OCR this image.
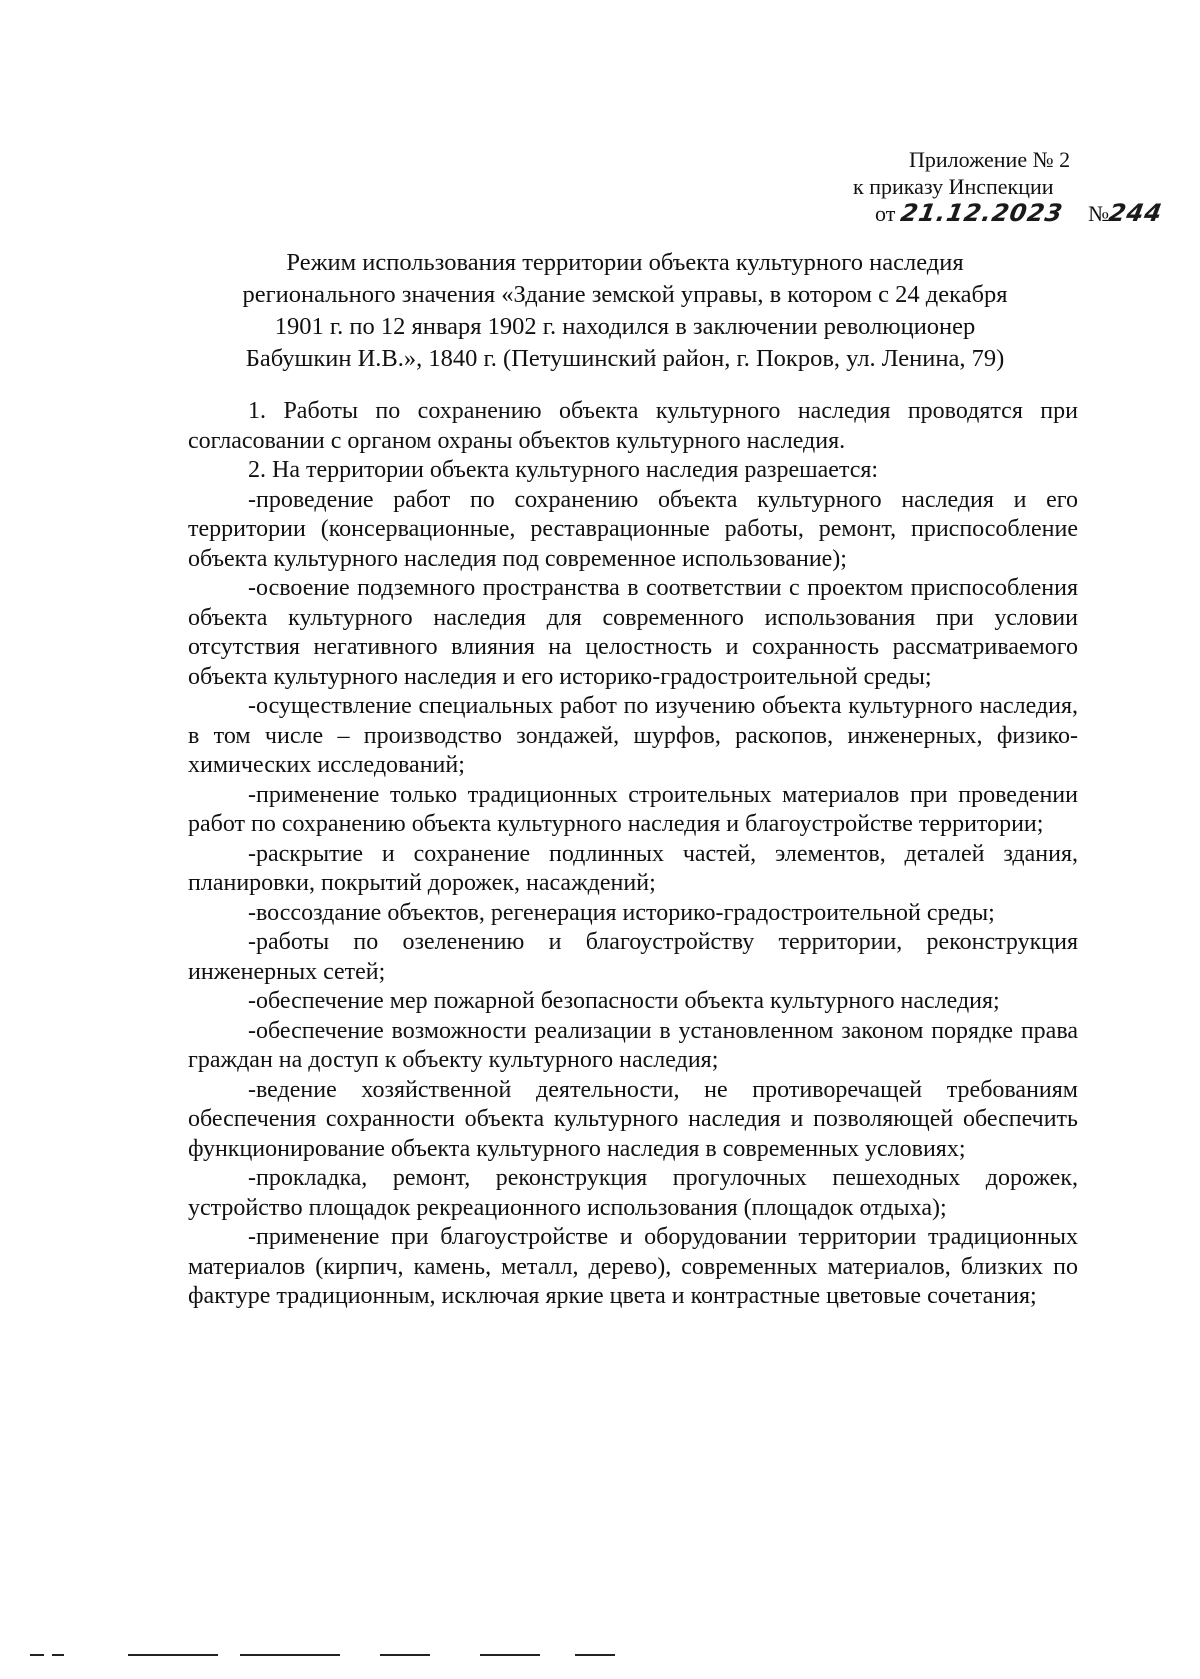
Приложение № 2
к приказу Инспекции
от 21.12.2023 №244
Режим использования территории объекта культурного наследия
регионального значения «Здание земской управы, в котором с 24 декабря
1901 г. по 12 января 1902 г. находился в заключении революционер
Бабушкин И.В.», 1840 г. (Петушинский район, г. Покров, ул. Ленина, 79)

1. Работы по сохранению объекта культурного наследия проводятся при согласовании с органом охраны объектов культурного наследия.

2. На территории объекта культурного наследия разрешается:

-проведение работ по сохранению объекта культурного наследия и его территории (консервационные, реставрационные работы, ремонт, приспособление объекта культурного наследия под современное использование);

-освоение подземного пространства в соответствии с проектом приспособления объекта культурного наследия для современного использования при условии отсутствия негативного влияния на целостность и сохранность рассматриваемого объекта культурного наследия и его историко-градостроительной среды;

-осуществление специальных работ по изучению объекта культурного наследия, в том числе – производство зондажей, шурфов, раскопов, инженерных, физико-химических исследований;

-применение только традиционных строительных материалов при проведении работ по сохранению объекта культурного наследия и благоустройстве территории;

-раскрытие и сохранение подлинных частей, элементов, деталей здания, планировки, покрытий дорожек, насаждений;

-воссоздание объектов, регенерация историко-градостроительной среды;

-работы по озеленению и благоустройству территории, реконструкция инженерных сетей;

-обеспечение мер пожарной безопасности объекта культурного наследия;

-обеспечение возможности реализации в установленном законом порядке права граждан на доступ к объекту культурного наследия;

-ведение хозяйственной деятельности, не противоречащей требованиям обеспечения сохранности объекта культурного наследия и позволяющей обеспечить функционирование объекта культурного наследия в современных условиях;

-прокладка, ремонт, реконструкция прогулочных пешеходных дорожек, устройство площадок рекреационного использования (площадок отдыха);

-применение при благоустройстве и оборудовании территории традиционных материалов (кирпич, камень, металл, дерево), современных материалов, близких по фактуре традиционным, исключая яркие цвета и контрастные цветовые сочетания;
